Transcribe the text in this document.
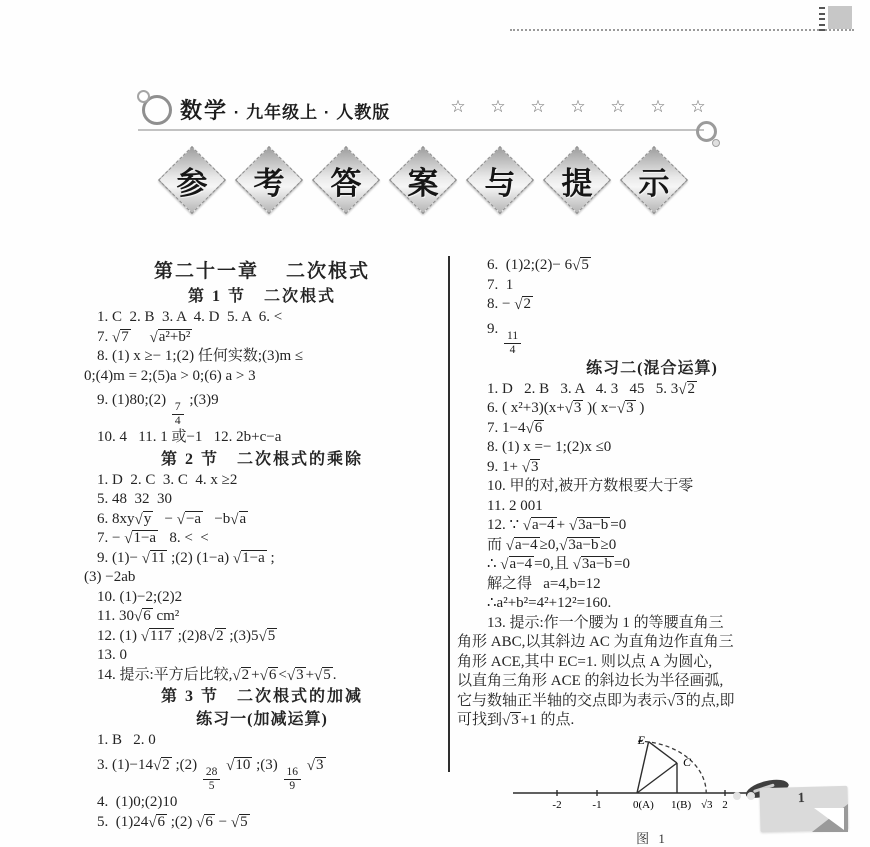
数学 · 九年级上 · 人教版	☆ ☆ ☆ ☆ ☆ ☆ ☆
参 考 答 案 与 提 示
第二十一章    二次根式
第 1 节   二次根式
1. C  2. B  3. A  4. D  5. A  6. <
7. √ 7 √ a²+b²
8. (1) x ≥− 1;(2) 任何实数;(3)m ≤
0;(4)m = 2;(5)a > 0;(6) a > 3
9. (1)80;(2)
$\frac{7}{4}$
;(3)9
10. 4   11. 1 或−1   12. 2b+c−a
第 2 节   二次根式的乘除
1. D  2. C  3. C  4. x ≥2
5. 48  32  30
6. 8xy √ y   − √ −a   −b √ a
7. − √ 1−a   8. <  <
9. (1)− √ 11 ;(2) (1−a) √ 1−a ;
(3) −2ab
10. (1)−2;(2)2
11. 30 √ 6 cm²
12. (1) √ 117 ;(2)8 √ 2 ;(3)5 √ 5
13. 0
14. 提示:平方后比较, √ 2 + √ 6 < √ 3 + √ 5 .
第 3 节   二次根式的加减
练习一(加减运算)
1. B   2. 0
3. (1)−14 √ 2 ;(2)
$\frac{28}{5}$
√ 10 ;(3)
$\frac{16}{9}$
√ 3
4.  (1)0;(2)10
5.  (1)24 √ 6 ;(2) √ 6 − √ 5
6.  (1)2;(2)− 6 √ 5
7.  1
8. − √ 2
9.
$\frac{11}{4}$
练习二(混合运算)
1. D   2. B   3. A   4. 3   45   5. 3 √ 2
6. ( x²+3)(x+ √ 3 )( x− √ 3 )
7. 1−4 √ 6
8. (1) x =− 1;(2)x ≤0
9. 1+ √ 3
10. 甲的对,被开方数根要大于零
11. 2 001
12. ∵ √ a−4 + √ 3a−b =0
而 √ a−4 ≥0, √ 3a−b ≥0
∴ √ a−4 =0,且 √ 3a−b =0
解之得   a=4,b=12
∴a²+b²=4²+12²=160.
13. 提示:作一个腰为 1 的等腰直角三
角形 ABC,以其斜边 AC 为直角边作直角三
角形 ACE,其中 EC=1. 则以点 A 为圆心,
以直角三角形 ACE 的斜边长为半径画弧,
它与数轴正半轴的交点即为表示 √ 3 的点,即
可找到 √ 3 +1 的点.
E
C
-2	-1	0(A) 1(B) √3 2
图 1
1
